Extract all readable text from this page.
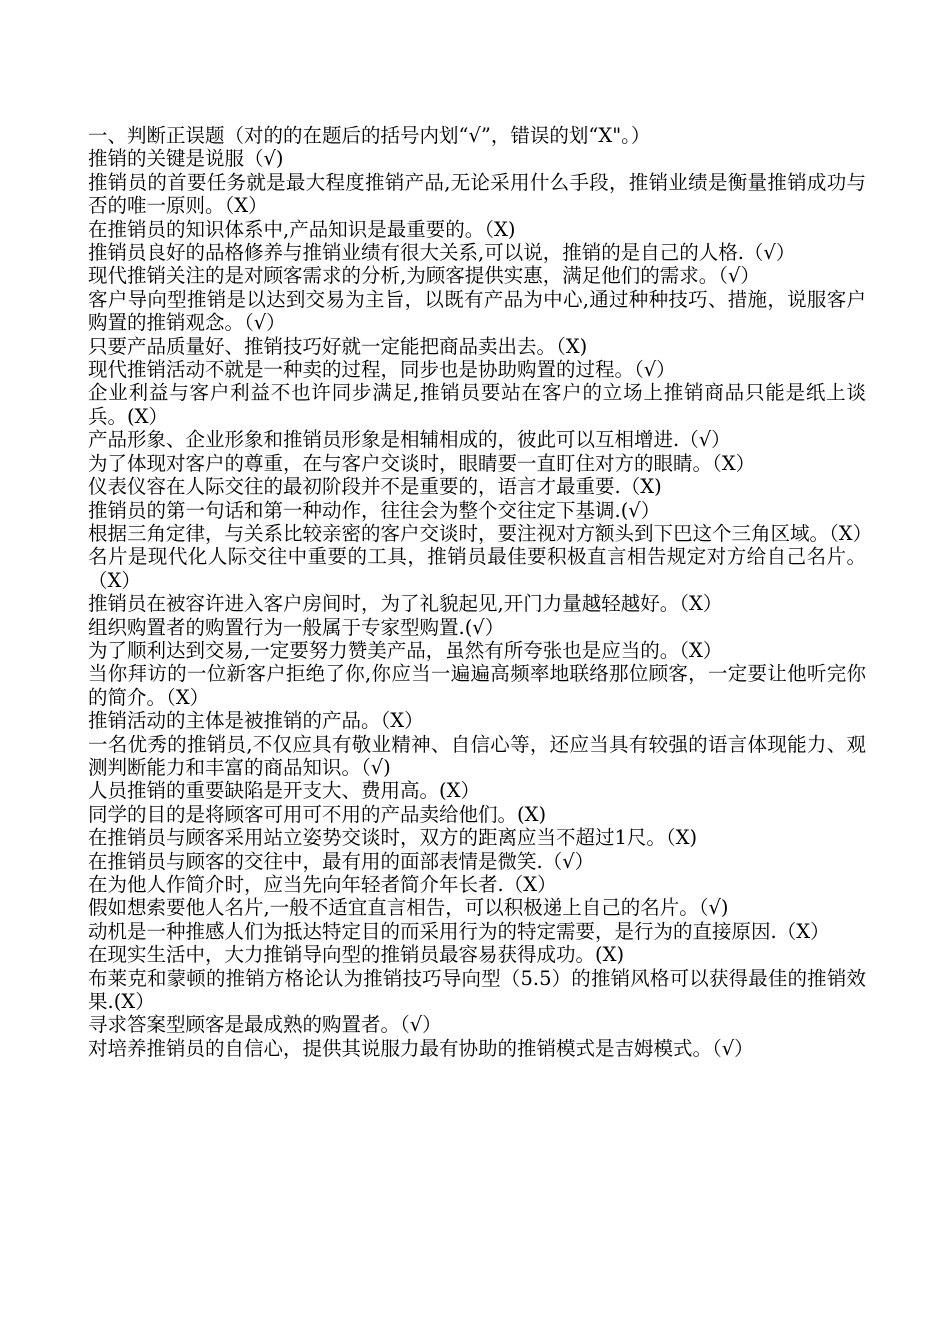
一、判断正误题（对的的在题后的括号内划“√”，错误的划“X"。）

推销的关键是说服（√)
推销员的首要任务就是最大程度推销产品,无论采用什么手段，推销业绩是衡量推销成功与否的唯一原则。（X）
在推销员的知识体系中,产品知识是最重要的。（X)
推销员良好的品格修养与推销业绩有很大关系,可以说，推销的是自己的人格.（√）
现代推销关注的是对顾客需求的分析,为顾客提供实惠，满足他们的需求。（√）
客户导向型推销是以达到交易为主旨，以既有产品为中心,通过种种技巧、措施，说服客户购置的推销观念。（√）
只要产品质量好、推销技巧好就一定能把商品卖出去。（X)
现代推销活动不就是一种卖的过程，同步也是协助购置的过程。（√）
企业利益与客户利益不也许同步满足,推销员要站在客户的立场上推销商品只能是纸上谈兵。(X）
产品形象、企业形象和推销员形象是相辅相成的，彼此可以互相增进.（√）
为了体现对客户的尊重，在与客户交谈时，眼睛要一直盯住对方的眼睛。（X）
仪表仪容在人际交往的最初阶段并不是重要的，语言才最重要.（X)
推销员的第一句话和第一种动作，往往会为整个交往定下基调.(√）
根据三角定律，与关系比较亲密的客户交谈时，要注视对方额头到下巴这个三角区域。（X）
名片是现代化人际交往中重要的工具，推销员最佳要积极直言相告规定对方给自己名片。（X）
推销员在被容许进入客户房间时，为了礼貌起见,开门力量越轻越好。（X）
组织购置者的购置行为一般属于专家型购置.(√）
为了顺利达到交易,一定要努力赞美产品，虽然有所夸张也是应当的。（X）
当你拜访的一位新客户拒绝了你,你应当一遍遍高频率地联络那位顾客，一定要让他听完你的简介。（X）
推销活动的主体是被推销的产品。（X）
一名优秀的推销员,不仅应具有敬业精神、自信心等，还应当具有较强的语言体现能力、观测判断能力和丰富的商品知识。（√)
人员推销的重要缺陷是开支大、费用高。(X）
同学的目的是将顾客可用可不用的产品卖给他们。(X)
在推销员与顾客采用站立姿势交谈时，双方的距离应当不超过1尺。（X)
在推销员与顾客的交往中，最有用的面部表情是微笑.（√）
在为他人作简介时，应当先向年轻者简介年长者.（X）
假如想索要他人名片,一般不适宜直言相告，可以积极递上自己的名片。（√)
动机是一种推感人们为抵达特定目的而采用行为的特定需要，是行为的直接原因.（X）
在现实生活中，大力推销导向型的推销员最容易获得成功。(X)
布莱克和蒙顿的推销方格论认为推销技巧导向型（5.5）的推销风格可以获得最佳的推销效果.(X）
寻求答案型顾客是最成熟的购置者。（√）
对培养推销员的自信心，提供其说服力最有协助的推销模式是吉姆模式。（√）
